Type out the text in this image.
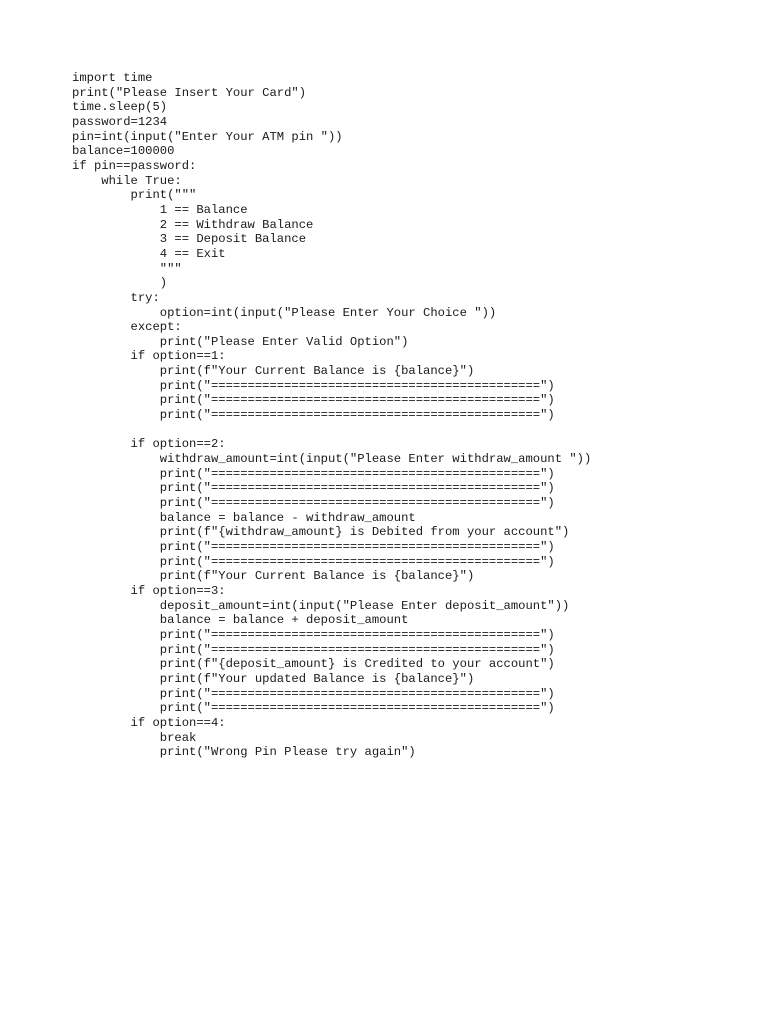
import time
print("Please Insert Your Card")
time.sleep(5)
password=1234
pin=int(input("Enter Your ATM pin "))
balance=100000
if pin==password:
while True:
print("""
1 == Balance
2 == Withdraw Balance
3 == Deposit Balance
4 == Exit
"""
)
try:
option=int(input("Please Enter Your Choice "))
except:
print("Please Enter Valid Option")
if option==1:
print(f"Your Current Balance is {balance}")
print("=============================================")
print("=============================================")
print("=============================================")
if option==2:
withdraw_amount=int(input("Please Enter withdraw_amount "))
print("=============================================")
print("=============================================")
print("=============================================")
balance = balance - withdraw_amount
print(f"{withdraw_amount} is Debited from your account")
print("=============================================")
print("=============================================")
print(f"Your Current Balance is {balance}")
if option==3:
deposit_amount=int(input("Please Enter deposit_amount"))
balance = balance + deposit_amount
print("=============================================")
print("=============================================")
print(f"{deposit_amount} is Credited to your account")
print(f"Your updated Balance is {balance}")
print("=============================================")
print("=============================================")
if option==4:
break
print("Wrong Pin Please try again")
